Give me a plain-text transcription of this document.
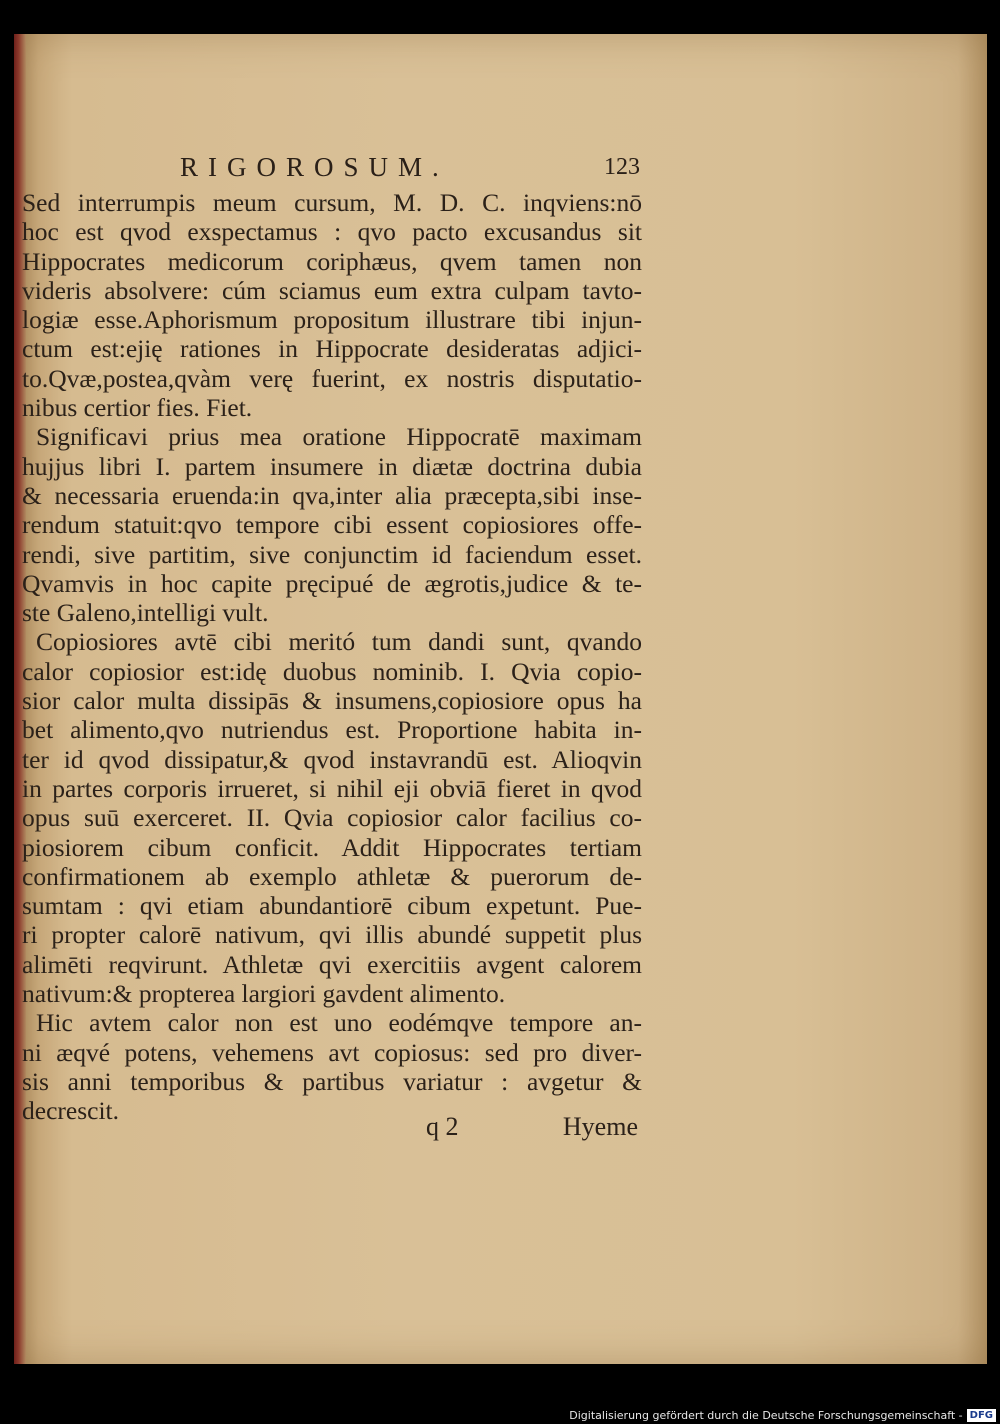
RIGOROSUM.	123
Sed interrumpis meum cursum, M. D. C. inqviens:nō
hoc est qvod exspectamus : qvo pacto excusandus sit
Hippocrates medicorum coriphæus, qvem tamen non
videris absolvere: cúm sciamus eum extra culpam tavto-
logiæ esse.Aphorismum propositum illustrare tibi injun-
ctum est:ejię rationes in Hippocrate desideratas adjici-
to.Qvæ,postea,qvàm verę fuerint, ex nostris disputatio-
nibus certior fies. Fiet.
Significavi prius mea oratione Hippocratē maximam
hujjus libri I. partem insumere in diætæ doctrina dubia
& necessaria eruenda:in qva,inter alia præcepta,sibi inse-
rendum statuit:qvo tempore cibi essent copiosiores offe-
rendi, sive partitim, sive conjunctim id faciendum esset.
Qvamvis in hoc capite pręcipué de ægrotis,judice & te-
ste Galeno,intelligi vult.
Copiosiores avtē cibi meritó tum dandi sunt, qvando
calor copiosior est:idę duobus nominib. I. Qvia copio-
sior calor multa dissipās & insumens,copiosiore opus ha
bet alimento,qvo nutriendus est. Proportione habita in-
ter id qvod dissipatur,& qvod instavrandū est. Alioqvin
in partes corporis irrueret, si nihil eji obviā fieret in qvod
opus suū exerceret. II. Qvia copiosior calor facilius co-
piosiorem cibum conficit. Addit Hippocrates tertiam
confirmationem ab exemplo athletæ & puerorum de-
sumtam : qvi etiam abundantiorē cibum expetunt. Pue-
ri propter calorē nativum, qvi illis abundé suppetit plus
alimēti reqvirunt. Athletæ qvi exercitiis avgent calorem
nativum:& propterea largiori gavdent alimento.
Hic avtem calor non est uno eodémqve tempore an-
ni æqvé potens, vehemens avt copiosus: sed pro diver-
sis anni temporibus & partibus variatur : avgetur &
decrescit.
q 2	Hyeme
Digitalisierung gefördert durch die Deutsche Forschungsgemeinschaft - DFG
